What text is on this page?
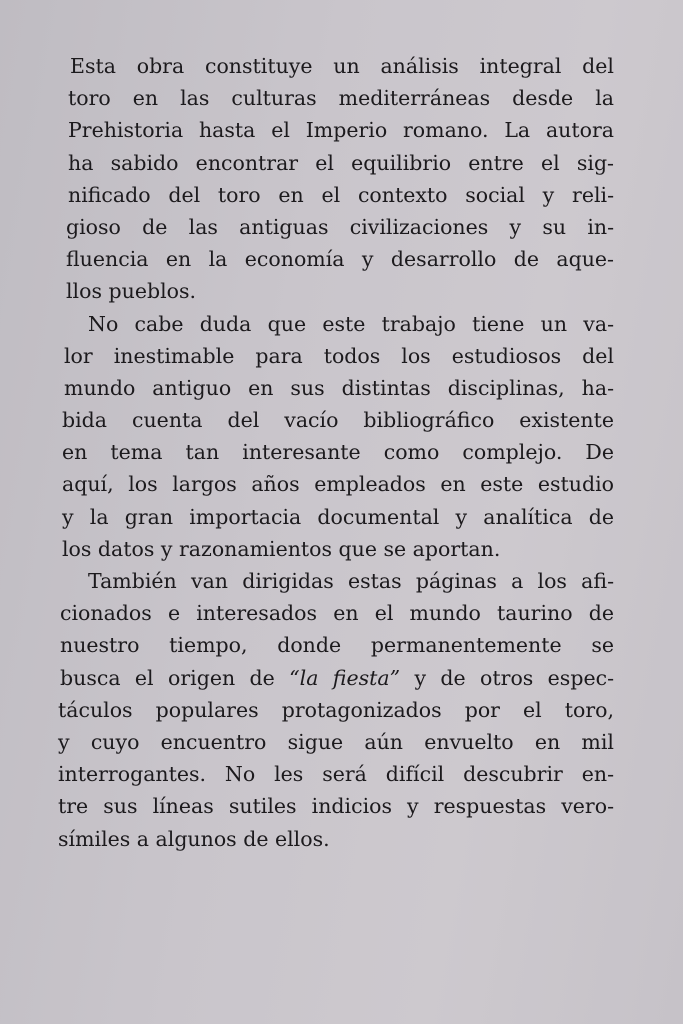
Esta obra constituye un análisis integral del
toro en las culturas mediterráneas desde la
Prehistoria hasta el Imperio romano. La autora
ha sabido encontrar el equilibrio entre el sig-
nificado del toro en el contexto social y reli-
gioso de las antiguas civilizaciones y su in-
fluencia en la economía y desarrollo de aque-
llos pueblos.
No cabe duda que este trabajo tiene un va-
lor inestimable para todos los estudiosos del
mundo antiguo en sus distintas disciplinas, ha-
bida cuenta del vacío bibliográfico existente
en tema tan interesante como complejo. De
aquí, los largos años empleados en este estudio
y la gran importacia documental y analítica de
los datos y razonamientos que se aportan.
También van dirigidas estas páginas a los afi-
cionados e interesados en el mundo taurino de
nuestro tiempo, donde permanentemente se
busca el origen de “la fiesta” y de otros espec-
táculos populares protagonizados por el toro,
y cuyo encuentro sigue aún envuelto en mil
interrogantes. No les será difícil descubrir en-
tre sus líneas sutiles indicios y respuestas vero-
símiles a algunos de ellos.
